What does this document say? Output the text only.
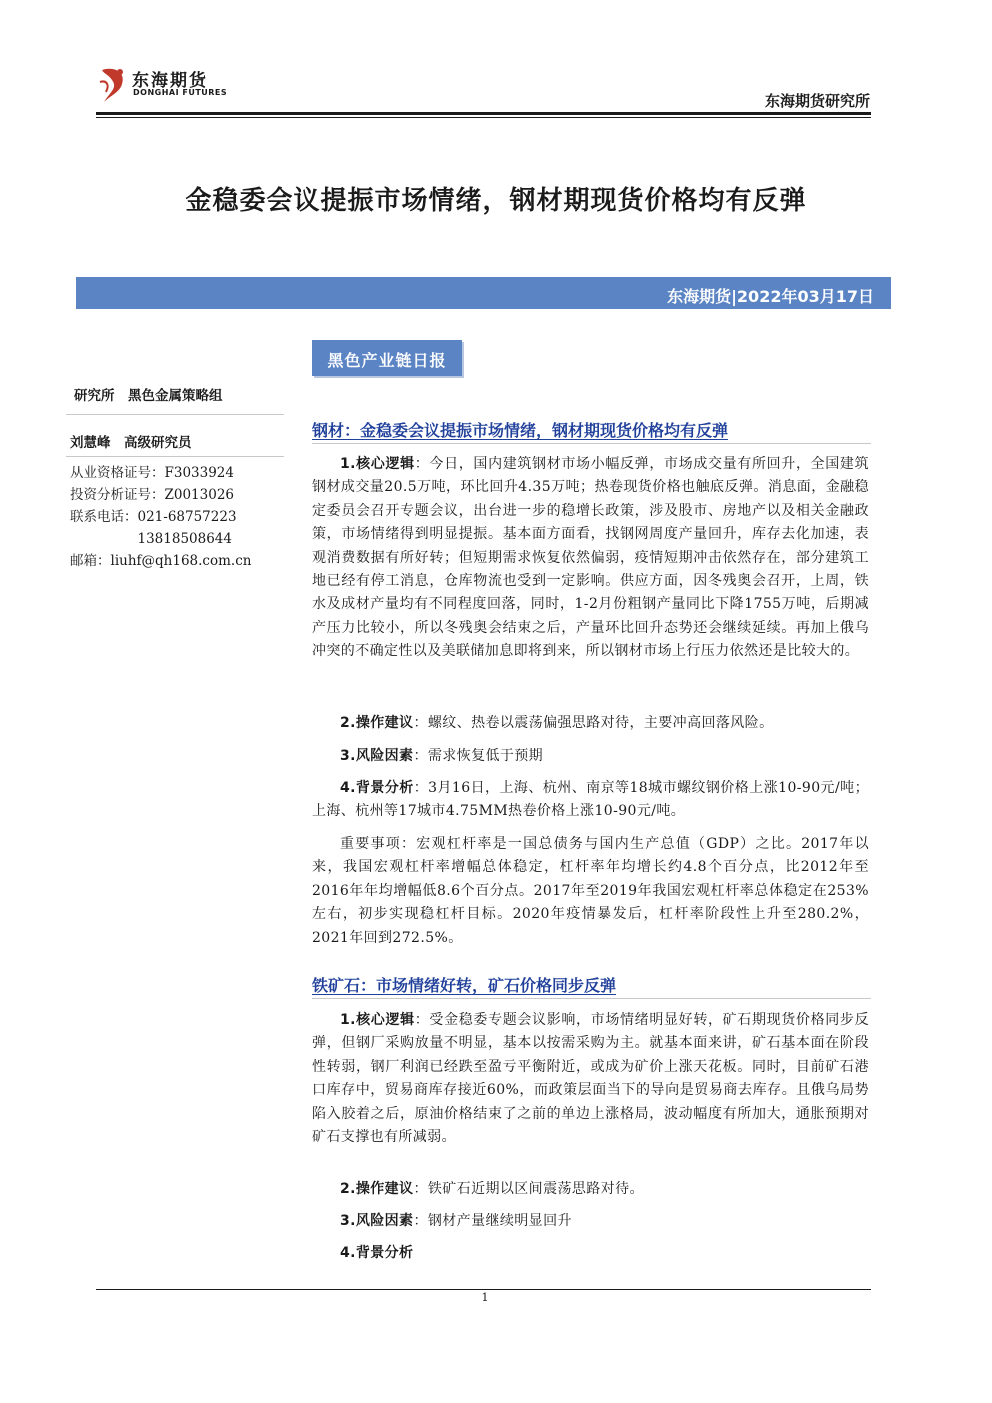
东海期货
DONGHAI FUTURES	东海期货研究所
金稳委会议提振市场情绪，钢材期现货价格均有反弹
东海期货|2022年03月17日
黑色产业链日报
研究所　黑色金属策略组
刘慧峰　高级研究员
从业资格证号：F3033924
投资分析证号：Z0013026
联系电话：021-68757223
　　　　　13818508644
邮箱：liuhf@qh168.com.cn
钢材：金稳委会议提振市场情绪，钢材期现货价格均有反弹

1.核心逻辑：今日，国内建筑钢材市场小幅反弹，市场成交量有所回升，全国建筑钢材成交量20.5万吨，环比回升4.35万吨；热卷现货价格也触底反弹。消息面，金融稳定委员会召开专题会议，出台进一步的稳增长政策，涉及股市、房地产以及相关金融政策，市场情绪得到明显提振。基本面方面看，找钢网周度产量回升，库存去化加速，表观消费数据有所好转；但短期需求恢复依然偏弱，疫情短期冲击依然存在，部分建筑工地已经有停工消息，仓库物流也受到一定影响。供应方面，因冬残奥会召开，上周，铁水及成材产量均有不同程度回落，同时，1-2月份粗钢产量同比下降1755万吨，后期减产压力比较小，所以冬残奥会结束之后，产量环比回升态势还会继续延续。再加上俄乌冲突的不确定性以及美联储加息即将到来，所以钢材市场上行压力依然还是比较大的。

2.操作建议：螺纹、热卷以震荡偏强思路对待，主要冲高回落风险。

3.风险因素：需求恢复低于预期

4.背景分析：3月16日，上海、杭州、南京等18城市螺纹钢价格上涨10-90元/吨；上海、杭州等17城市4.75MM热卷价格上涨10-90元/吨。

重要事项：宏观杠杆率是一国总债务与国内生产总值（GDP）之比。2017年以来，我国宏观杠杆率增幅总体稳定，杠杆率年均增长约4.8个百分点，比2012年至2016年年均增幅低8.6个百分点。2017年至2019年我国宏观杠杆率总体稳定在253%左右，初步实现稳杠杆目标。2020年疫情暴发后，杠杆率阶段性上升至280.2%，2021年回到272.5%。

铁矿石：市场情绪好转，矿石价格同步反弹

1.核心逻辑：受金稳委专题会议影响，市场情绪明显好转，矿石期现货价格同步反弹，但钢厂采购放量不明显，基本以按需采购为主。就基本面来讲，矿石基本面在阶段性转弱，钢厂利润已经跌至盈亏平衡附近，或成为矿价上涨天花板。同时，目前矿石港口库存中，贸易商库存接近60%，而政策层面当下的导向是贸易商去库存。且俄乌局势陷入胶着之后，原油价格结束了之前的单边上涨格局，波动幅度有所加大，通胀预期对矿石支撑也有所减弱。

2.操作建议：铁矿石近期以区间震荡思路对待。

3.风险因素：钢材产量继续明显回升

4.背景分析

1
